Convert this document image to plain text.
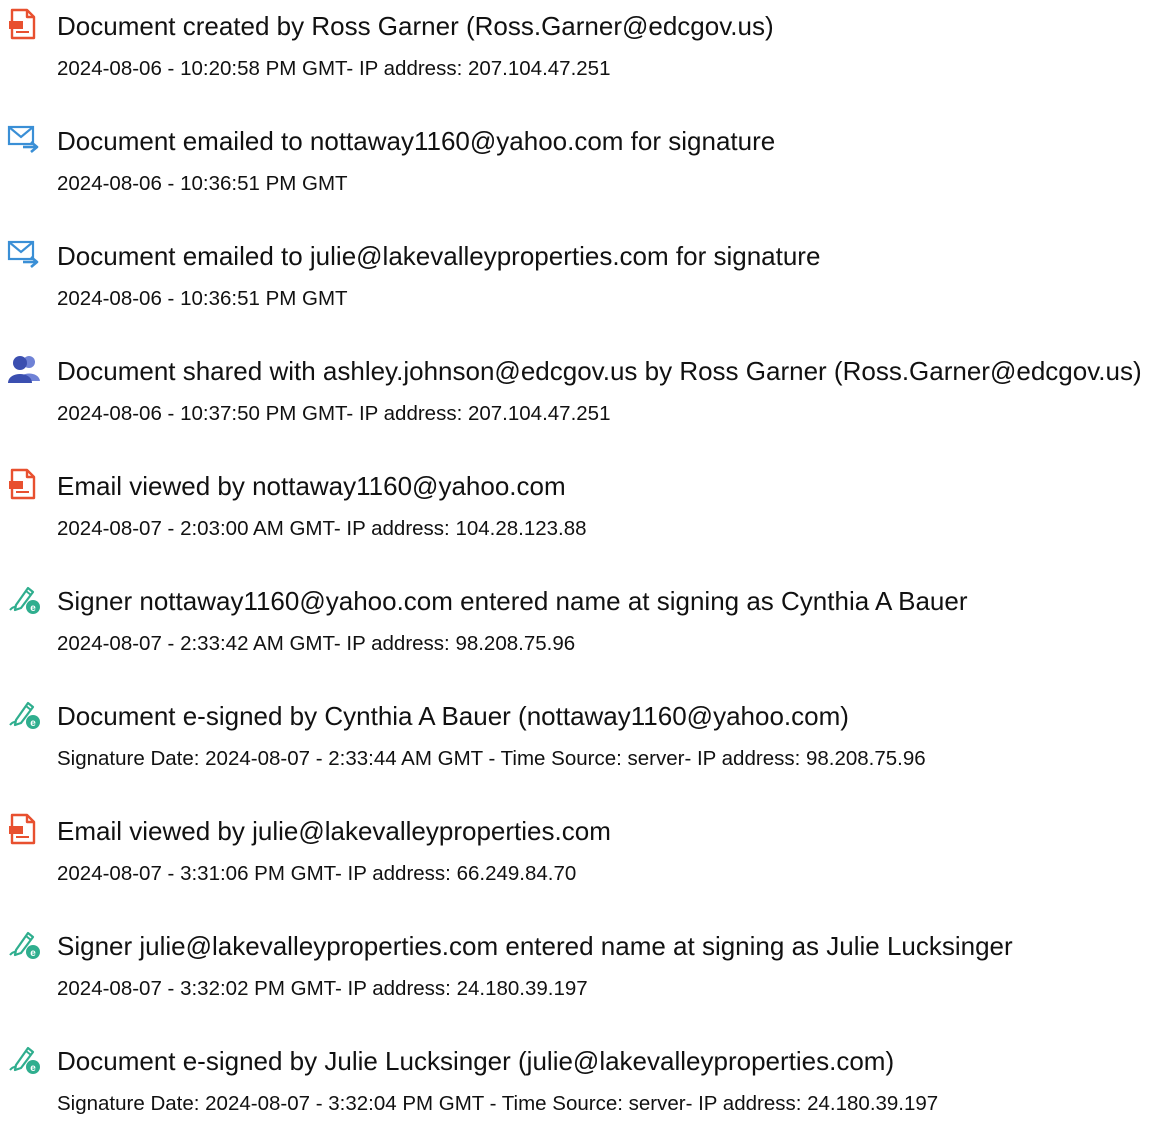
Document created by Ross Garner (Ross.Garner@edcgov.us)
2024-08-06 - 10:20:58 PM GMT- IP address: 207.104.47.251
Document emailed to nottaway1160@yahoo.com for signature
2024-08-06 - 10:36:51 PM GMT
Document emailed to julie@lakevalleyproperties.com for signature
2024-08-06 - 10:36:51 PM GMT
Document shared with ashley.johnson@edcgov.us by Ross Garner (Ross.Garner@edcgov.us)
2024-08-06 - 10:37:50 PM GMT- IP address: 207.104.47.251
Email viewed by nottaway1160@yahoo.com
2024-08-07 - 2:03:00 AM GMT- IP address: 104.28.123.88
e Signer nottaway1160@yahoo.com entered name at signing as Cynthia A Bauer
2024-08-07 - 2:33:42 AM GMT- IP address: 98.208.75.96
e Document e-signed by Cynthia A Bauer (nottaway1160@yahoo.com)
Signature Date: 2024-08-07 - 2:33:44 AM GMT - Time Source: server- IP address: 98.208.75.96
Email viewed by julie@lakevalleyproperties.com
2024-08-07 - 3:31:06 PM GMT- IP address: 66.249.84.70
e Signer julie@lakevalleyproperties.com entered name at signing as Julie Lucksinger
2024-08-07 - 3:32:02 PM GMT- IP address: 24.180.39.197
e Document e-signed by Julie Lucksinger (julie@lakevalleyproperties.com)
Signature Date: 2024-08-07 - 3:32:04 PM GMT - Time Source: server- IP address: 24.180.39.197
